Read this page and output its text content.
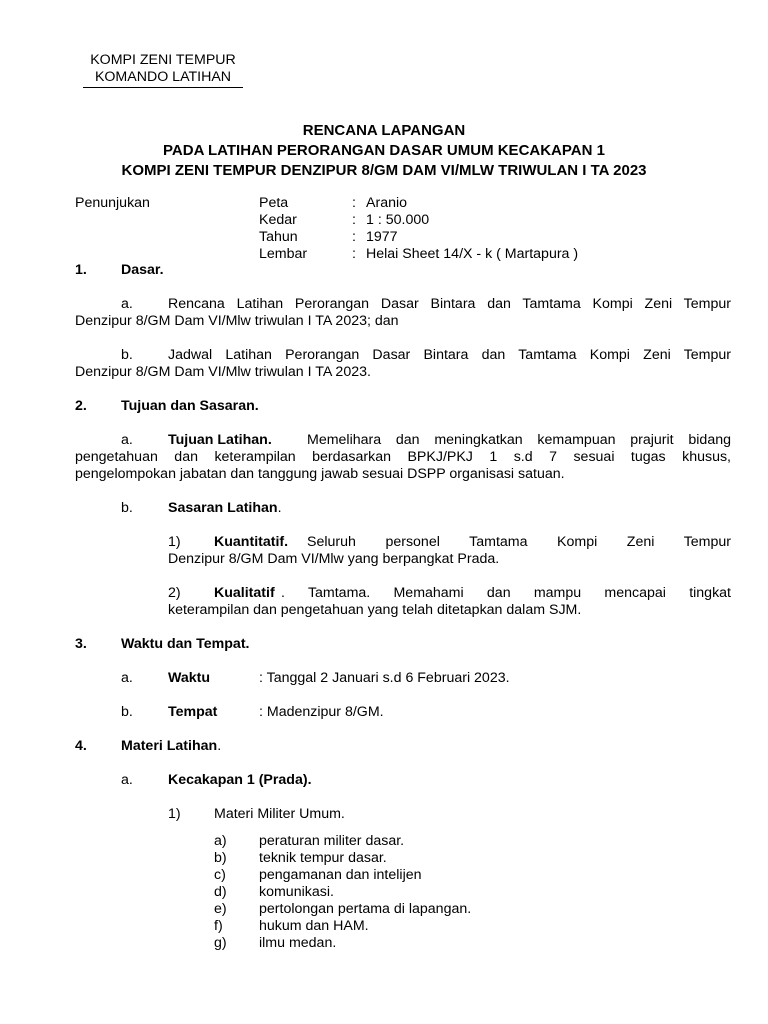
KOMPI ZENI TEMPUR
KOMANDO LATIHAN
RENCANA LAPANGAN
PADA LATIHAN PERORANGAN DASAR UMUM KECAKAPAN 1
KOMPI ZENI TEMPUR DENZIPUR 8/GM DAM VI/MLW TRIWULAN I TA 2023
Penunjukan	Peta	: Aranio
Kedar	: 1 : 50.000
Tahun	: 1977
Lembar	: Helai Sheet 14/X - k ( Martapura )
1. Dasar.
a. Rencana Latihan Perorangan Dasar Bintara dan Tamtama Kompi Zeni Tempur
Denzipur 8/GM Dam VI/Mlw triwulan I TA 2023; dan
b. Jadwal Latihan Perorangan Dasar Bintara dan Tamtama Kompi Zeni Tempur
Denzipur 8/GM Dam VI/Mlw triwulan I TA 2023.
2. Tujuan dan Sasaran.
a. Tujuan Latihan. Memelihara dan meningkatkan kemampuan prajurit bidang
pengetahuan dan keterampilan berdasarkan BPKJ/PKJ 1 s.d 7 sesuai tugas khusus,
pengelompokan jabatan dan tanggung jawab sesuai DSPP organisasi satuan.
b. Sasaran Latihan.
1) Kuantitatif. Seluruh personel Tamtama Kompi Zeni Tempur
Denzipur 8/GM Dam VI/Mlw yang berpangkat Prada.
2) Kualitatif . Tamtama. Memahami dan mampu mencapai tingkat
keterampilan dan pengetahuan yang telah ditetapkan dalam SJM.
3. Waktu dan Tempat.
a. Waktu	: Tanggal 2 Januari s.d 6 Februari 2023.
b. Tempat	: Madenzipur 8/GM.
4. Materi Latihan.
a. Kecakapan 1 (Prada).
1) Materi Militer Umum.
a) peraturan militer dasar.
b) teknik tempur dasar.
c) pengamanan dan intelijen
d) komunikasi.
e) pertolongan pertama di lapangan.
f)	hukum dan HAM.
g) ilmu medan.
